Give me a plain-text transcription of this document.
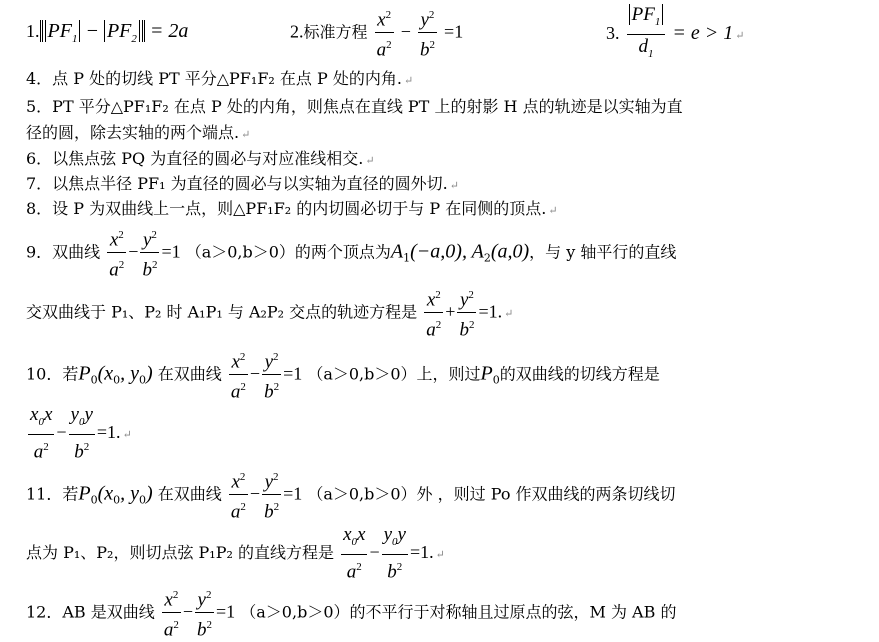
1. $PF_1 - PF_2 = 2a$	2.标准方程 $\frac{x^2}{a^2} - \frac{y^2}{b^2} =1$	3. $\frac{PF_1}{d_1} = e > 1$ ↵
4．点 P 处的切线 PT 平分△PF₁F₂ 在点 P 处的内角. ↵
5．PT 平分△PF₁F₂ 在点 P 处的内角，则焦点在直线 PT 上的射影 H 点的轨迹是以实轴为直
径的圆，除去实轴的两个端点. ↵
6．以焦点弦 PQ 为直径的圆必与对应准线相交. ↵
7．以焦点半径 PF₁ 为直径的圆必与以实轴为直径的圆外切. ↵
8．设 P 为双曲线上一点，则△PF₁F₂ 的内切圆必切于与 P 在同侧的顶点. ↵
9．双曲线 $\frac{x^2}{a^2} - \frac{y^2}{b^2} =1$ （a＞0,b＞0）的两个顶点为$A_1(-a,0)$, $A_2(a,0)$，与 y 轴平行的直线
交双曲线于 P₁、P₂ 时 A₁P₁ 与 A₂P₂ 交点的轨迹方程是 $\frac{x^2}{a^2} + \frac{y^2}{b^2} =1$. ↵
10．若$P_0(x_0$, $y_0$) 在双曲线 $\frac{x^2}{a^2} - \frac{y^2}{b^2} =1$ （a＞0,b＞0）上，则过$P_0$的双曲线的切线方程是
$\frac{x_0x}{a^2} - \frac{y_0y}{b^2} =1$. ↵
11．若$P_0(x_0$, $y_0$) 在双曲线 $\frac{x^2}{a^2} - \frac{y^2}{b^2} =1$ （a＞0,b＞0）外 ，则过 Po 作双曲线的两条切线切
点为 P₁、P₂，则切点弦 P₁P₂ 的直线方程是 $\frac{x_0x}{a^2} - \frac{y_0y}{b^2} =1$. ↵
12．AB 是双曲线 $\frac{x^2}{a^2} - \frac{y^2}{b^2} =1$ （a＞0,b＞0）的不平行于对称轴且过原点的弦，M 为 AB 的
